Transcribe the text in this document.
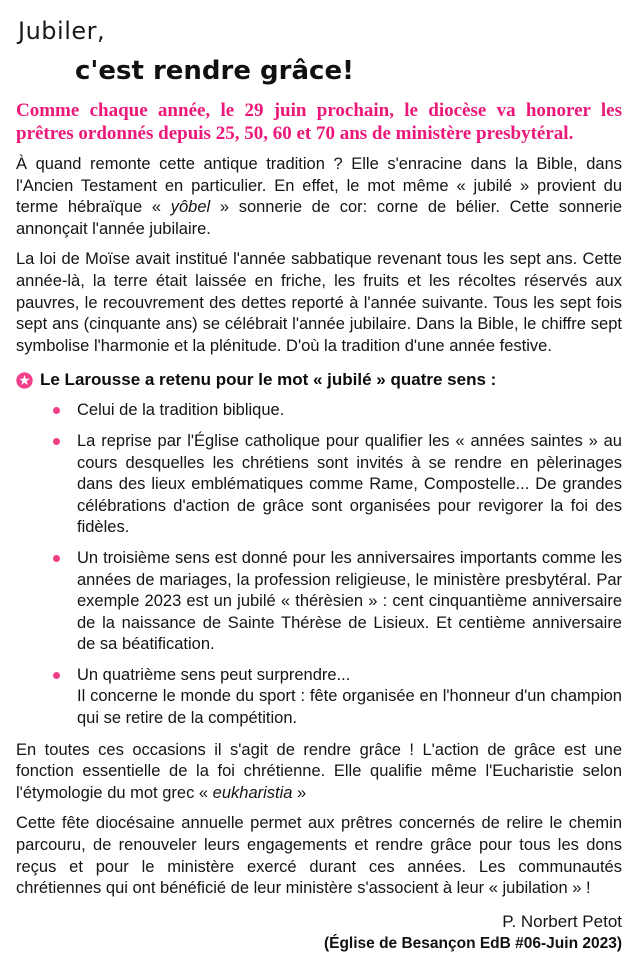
Jubiler,
c'est rendre grâce!

Comme chaque année, le 29 juin prochain, le diocèse va honorer les prêtres ordonnés depuis 25, 50, 60 et 70 ans de ministère presbytéral.

À quand remonte cette antique tradition ? Elle s'enracine dans la Bible, dans l'Ancien Testament en particulier. En effet, le mot même « jubilé » provient du terme hébraïque « yôbel » sonnerie de cor: corne de bélier. Cette sonnerie annonçait l'année jubilaire.

La loi de Moïse avait institué l'année sabbatique revenant tous les sept ans. Cette année-là, la terre était laissée en friche, les fruits et les récoltes réservés aux pauvres, le recouvrement des dettes reporté à l'année suivante. Tous les sept fois sept ans (cinquante ans) se célébrait l'année jubilaire. Dans la Bible, le chiffre sept symbolise l'harmonie et la plénitude. D'où la tradition d'une année festive.

Le Larousse a retenu pour le mot « jubilé » quatre sens :
Celui de la tradition biblique.
La reprise par l'Église catholique pour qualifier les « années saintes » au cours desquelles les chrétiens sont invités à se rendre en pèlerinages dans des lieux emblématiques comme Rame, Compostelle... De grandes célébrations d'action de grâce sont organisées pour revigorer la foi des fidèles.
Un troisième sens est donné pour les anniversaires importants comme les années de mariages, la profession religieuse, le ministère presbytéral. Par exemple 2023 est un jubilé « thérèsien » : cent cinquantième anniversaire de la naissance de Sainte Thérèse de Lisieux. Et centième anniversaire de sa béatification.
Un quatrième sens peut surprendre...
Il concerne le monde du sport : fête organisée en l'honneur d'un champion qui se retire de la compétition.

En toutes ces occasions il s'agit de rendre grâce ! L'action de grâce est une fonction essentielle de la foi chrétienne. Elle qualifie même l'Eucharistie selon l'étymologie du mot grec « eukharistia »

Cette fête diocésaine annuelle permet aux prêtres concernés de relire le chemin parcouru, de renouveler leurs engagements et rendre grâce pour tous les dons reçus et pour le ministère exercé durant ces années. Les communautés chrétiennes qui ont bénéficié de leur ministère s'associent à leur « jubilation » !

P. Norbert Petot
(Église de Besançon EdB #06-Juin 2023)
